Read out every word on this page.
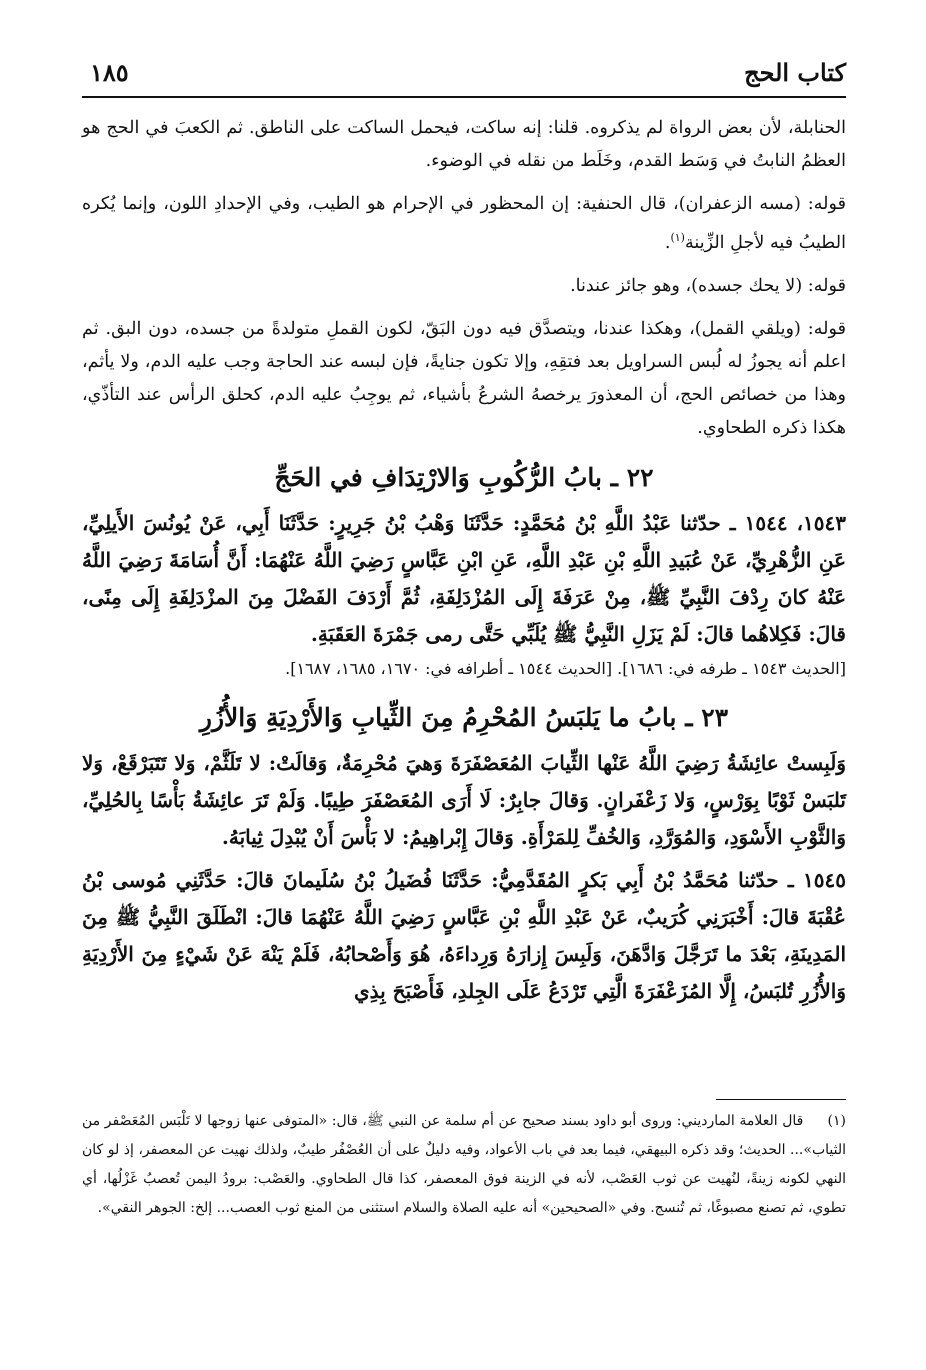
كتاب الحج
١٨٥

الحنابلة، لأن بعض الرواة لم يذكروه. قلنا: إنه ساكت، فيحمل الساكت على الناطق. ثم الكعبَ في الحج هو العظمُ النابتُ في وَسَط القدم، وخَلَط من نقله في الوضوء.

قوله: (مسه الزعفران)، قال الحنفية: إن المحظور في الإحرام هو الطيب، وفي الإحدادِ اللون، وإنما يُكره الطيبُ فيه لأجلِ الزِّينة$^{(١)}$.

قوله: (لا يحك جسده)، وهو جائز عندنا.

قوله: (ويلقي القمل)، وهكذا عندنا، ويتصدَّق فيه دون البَقّ، لكون القملِ متولدةً من جسده، دون البق. ثم اعلم أنه يجوزُ له لُبس السراويل بعد فتقِهِ، وإلا تكون جنايةً، فإن لبسه عند الحاجة وجب عليه الدم، ولا يأثم، وهذا من خصائص الحج، أن المعذورَ يرخصهُ الشرعُ بأشياء، ثم يوجِبُ عليه الدم، كحلق الرأس عند التأذّي، هكذا ذكره الطحاوي.

٢٢ ـ بابُ الرُّكُوبِ وَالارْتِدَافِ في الحَجِّ

١٥٤٣، ١٥٤٤ ـ حدّثنا عَبْدُ اللَّهِ بْنُ مُحَمَّدٍ: حَدَّثَنَا وَهْبُ بْنُ جَرِيرٍ: حَدَّثَنَا أَبِي، عَنْ يُونُسَ الأَيلِيِّ، عَنِ الزُّهْرِيِّ، عَنْ عُبَيدِ اللَّهِ بْنِ عَبْدِ اللَّهِ، عَنِ ابْنِ عَبَّاسٍ رَضِيَ اللَّهُ عَنْهُمَا: أَنَّ أُسَامَةَ رَضِيَ اللَّهُ عَنْهُ كانَ رِدْفَ النَّبِيِّ ﷺ، مِنْ عَرَفَةَ إِلَى المُزْدَلِفَةِ، ثُمَّ أَرْدَفَ الفَضْلَ مِنَ المزْدَلِفَةِ إِلَى مِنًى، قالَ: فَكِلاهُما قالَ: لَمْ يَزَلِ النَّبِيُّ ﷺ يُلَبِّي حَتَّى رمى جَمْرَةَ العَقَبَةِ.

[الحديث ١٥٤٣ ـ طرفه في: ١٦٨٦]. [الحديث ١٥٤٤ ـ أطرافه في: ١٦٧٠، ١٦٨٥، ١٦٨٧].

٢٣ ـ بابُ ما يَلبَسُ المُحْرِمُ مِنَ الثِّيابِ وَالأَرْدِيَةِ وَالأُزُرِ

وَلَبِستْ عائِشَةُ رَضِيَ اللَّهُ عَنْها الثِّيابَ المُعَصْفَرَةَ وَهيَ مُحْرِمَةٌ، وَقالَتْ: لا تَلَثَّمْ، وَلا تَتَبَرْقَعْ، وَلا تَلبَسْ ثَوْبًا بِوَرْسٍ، وَلا زَعْفَرانٍ. وَقالَ جابِرٌ: لَا أَرَى المُعَصْفَرَ طِيبًا. وَلَمْ تَرَ عائِشَةُ بَأْسًا بِالحُلِيِّ، وَالثَّوْبِ الأَسْوَدِ، وَالمُوَرَّدِ، وَالخُفِّ لِلمَرْأَةِ. وَقالَ إِبْراهِيمُ: لا بَأْسَ أَنْ يُبْدِلَ ثِيابَهُ.

١٥٤٥ ـ حدّثنا مُحَمَّدُ بْنُ أَبِي بَكرٍ المُقَدَّمِيُّ: حَدَّثَنَا فُضَيلُ بْنُ سُلَيمانَ قالَ: حَدَّثَنِي مُوسى بْنُ عُقْبَةَ قالَ: أَخْبَرَنِي كُرَيبٌ، عَنْ عَبْدِ اللَّهِ بْنِ عَبَّاسٍ رَضِيَ اللَّهُ عَنْهُمَا قالَ: انْطَلَقَ النَّبِيُّ ﷺ مِنَ المَدِينَةِ، بَعْدَ ما تَرَجَّلَ وَادَّهَنَ، وَلَبِسَ إِزارَهُ وَرِداءَهُ، هُوَ وَأَصْحابُهُ، فَلَمْ يَنْهَ عَنْ شَيْءٍ مِنَ الأَرْدِيَةِ وَالأُزُرِ تُلبَسُ، إِلَّا المُزَعْفَرَةَ الَّتِي تَرْدَعُ عَلَى الجِلدِ، فَأَصْبَحَ بِذِي

(١) قال العلامة المارديني: وروى أبو داود بسند صحيح عن أم سلمة عن النبي ﷺ، قال: «المتوفى عنها زوجها لا تَلْبَس المُعَصْفر من الثياب»... الحديث؛ وقد ذكره البيهقي، فيما بعد في باب الأعواد، وفيه دليلٌ على أن العُصْفُر طيبٌ، ولذلك نهيت عن المعصفر، إذ لو كان النهي لكونه زينةً، لنُهيت عن ثوب العَصْب، لأنه في الزينة فوق المعصفر، كذا قال الطحاوي. والعَصْب: برودُ اليمن تُعصبُ غَزْلُها، أي تطوي، ثم تصنع مصبوغًا، ثم تُنسج. وفي «الصحيحين» أنه عليه الصلاة والسلام استثنى من المنع ثوب العصب... إلخ: الجوهر النقي».
